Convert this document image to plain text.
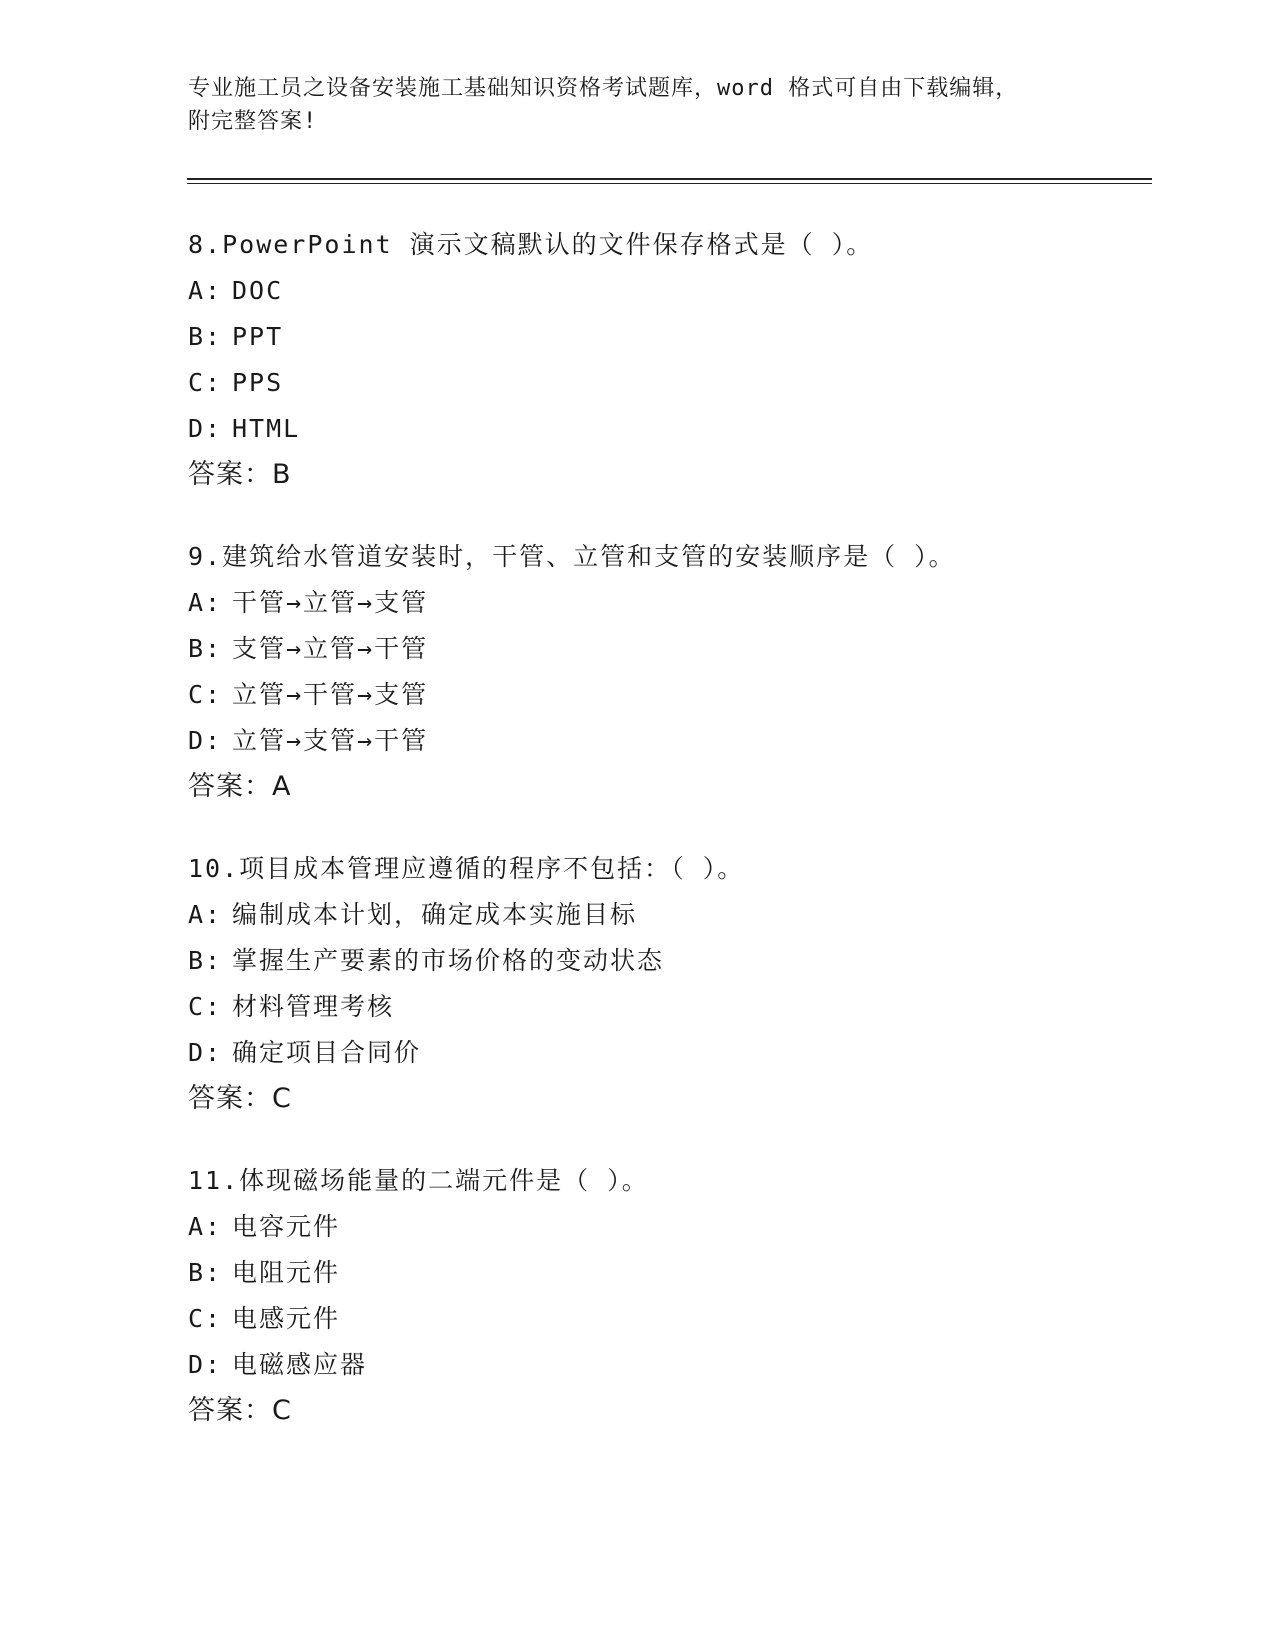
专业施工员之设备安装施工基础知识资格考试题库，word 格式可自由下载编辑，
附完整答案!
8.PowerPoint 演示文稿默认的文件保存格式是（ ）。
A: DOC
B: PPT
C: PPS
D: HTML
答案：B
9.建筑给水管道安装时，干管、立管和支管的安装顺序是（ ）。
A: 干管→立管→支管
B: 支管→立管→干管
C: 立管→干管→支管
D: 立管→支管→干管
答案：A
10.项目成本管理应遵循的程序不包括：（ ）。
A: 编制成本计划，确定成本实施目标
B: 掌握生产要素的市场价格的变动状态
C: 材料管理考核
D: 确定项目合同价
答案：C
11.体现磁场能量的二端元件是（ ）。
A: 电容元件
B: 电阻元件
C: 电感元件
D: 电磁感应器
答案：C
